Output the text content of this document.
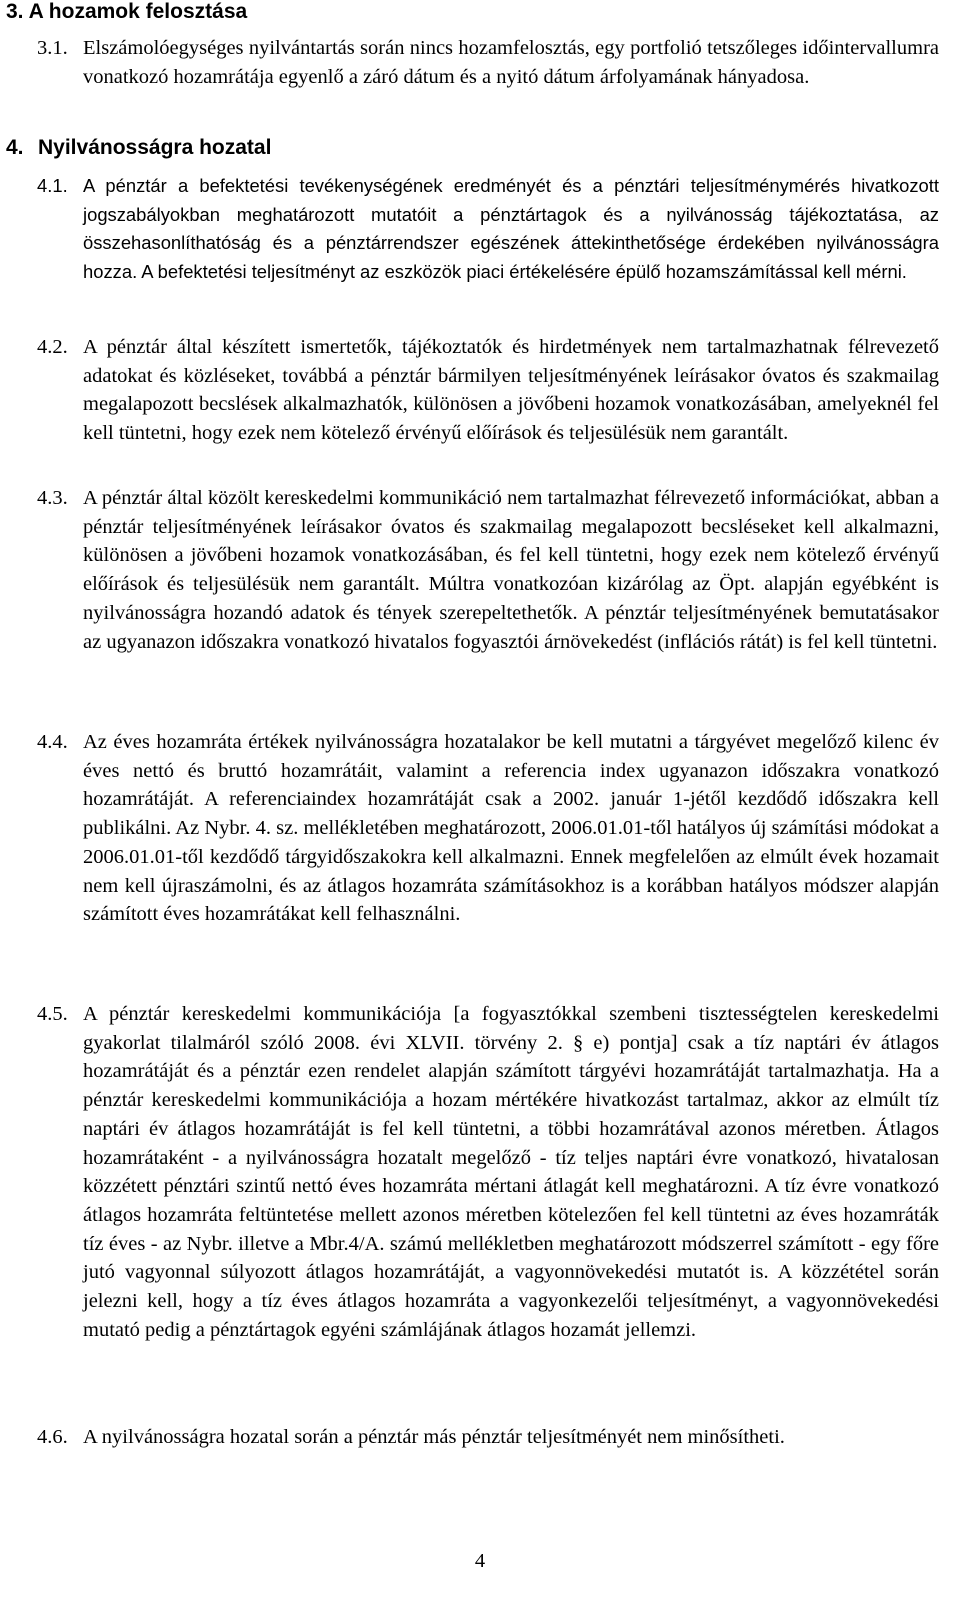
3. A hozamok felosztása
3.1. Elszámolóegységes nyilvántartás során nincs hozamfelosztás, egy portfolió tetszőleges időintervallumra vonatkozó hozamrátája egyenlő a záró dátum és a nyitó dátum árfolyamának hányadosa.
4. Nyilvánosságra hozatal
4.1. A pénztár a befektetési tevékenységének eredményét és a pénztári teljesítménymérés hivatkozott jogszabályokban meghatározott mutatóit a pénztártagok és a nyilvánosság tájékoztatása, az összehasonlíthatóság és a pénztárrendszer egészének áttekinthetősége érdekében nyilvánosságra hozza. A befektetési teljesítményt az eszközök piaci értékelésére épülő hozamszámítással kell mérni.
4.2. A pénztár által készített ismertetők, tájékoztatók és hirdetmények nem tartalmazhatnak félrevezető adatokat és közléseket, továbbá a pénztár bármilyen teljesítményének leírásakor óvatos és szakmailag megalapozott becslések alkalmazhatók, különösen a jövőbeni hozamok vonatkozásában, amelyeknél fel kell tüntetni, hogy ezek nem kötelező érvényű előírások és teljesülésük nem garantált.
4.3. A pénztár által közölt kereskedelmi kommunikáció nem tartalmazhat félrevezető információkat, abban a pénztár teljesítményének leírásakor óvatos és szakmailag megalapozott becsléseket kell alkalmazni, különösen a jövőbeni hozamok vonatkozásában, és fel kell tüntetni, hogy ezek nem kötelező érvényű előírások és teljesülésük nem garantált. Múltra vonatkozóan kizárólag az Öpt. alapján egyébként is nyilvánosságra hozandó adatok és tények szerepeltethetők. A pénztár teljesítményének bemutatásakor az ugyanazon időszakra vonatkozó hivatalos fogyasztói árnövekedést (inflációs rátát) is fel kell tüntetni.
4.4. Az éves hozamráta értékek nyilvánosságra hozatalakor be kell mutatni a tárgyévet megelőző kilenc év éves nettó és bruttó hozamrátáit, valamint a referencia index ugyanazon időszakra vonatkozó hozamrátáját. A referenciaindex hozamrátáját csak a 2002. január 1-jétől kezdődő időszakra kell publikálni. Az Nybr. 4. sz. mellékletében meghatározott, 2006.01.01-től hatályos új számítási módokat a 2006.01.01-től kezdődő tárgyidőszakokra kell alkalmazni. Ennek megfelelően az elmúlt évek hozamait nem kell újraszámolni, és az átlagos hozamráta számításokhoz is a korábban hatályos módszer alapján számított éves hozamrátákat kell felhasználni.
4.5. A pénztár kereskedelmi kommunikációja [a fogyasztókkal szembeni tisztességtelen kereskedelmi gyakorlat tilalmáról szóló 2008. évi XLVII. törvény 2. § e) pontja] csak a tíz naptári év átlagos hozamrátáját és a pénztár ezen rendelet alapján számított tárgyévi hozamrátáját tartalmazhatja. Ha a pénztár kereskedelmi kommunikációja a hozam mértékére hivatkozást tartalmaz, akkor az elmúlt tíz naptári év átlagos hozamrátáját is fel kell tüntetni, a többi hozamrátával azonos méretben. Átlagos hozamrátaként - a nyilvánosságra hozatalt megelőző - tíz teljes naptári évre vonatkozó, hivatalosan közzétett pénztári szintű nettó éves hozamráta mértani átlagát kell meghatározni. A tíz évre vonatkozó átlagos hozamráta feltüntetése mellett azonos méretben kötelezően fel kell tüntetni az éves hozamráták tíz éves - az Nybr. illetve a Mbr.4/A. számú mellékletben meghatározott módszerrel számított - egy főre jutó vagyonnal súlyozott átlagos hozamrátáját, a vagyonnövekedési mutatót is. A közzététel során jelezni kell, hogy a tíz éves átlagos hozamráta a vagyonkezelői teljesítményt, a vagyonnövekedési mutató pedig a pénztártagok egyéni számlájának átlagos hozamát jellemzi.
4.6. A nyilvánosságra hozatal során a pénztár más pénztár teljesítményét nem minősítheti.
4
